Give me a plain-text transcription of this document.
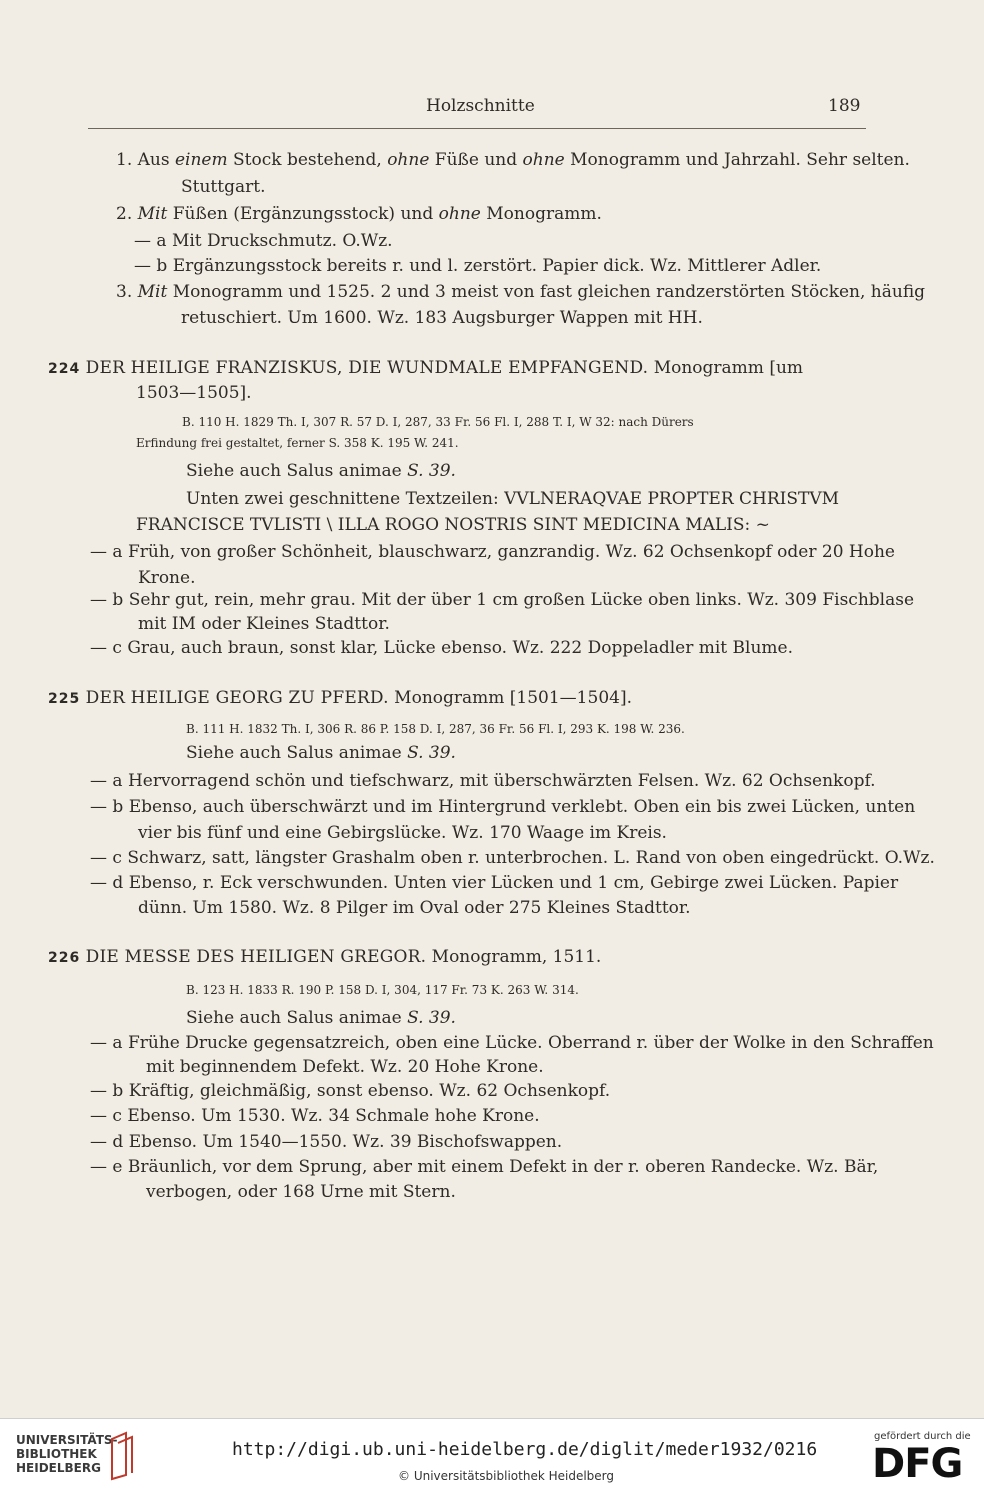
Holzschnitte	189
1. Aus einem Stock bestehend, ohne Füße und ohne Monogramm und Jahrzahl. Sehr selten.
Stuttgart.
2. Mit Füßen (Ergänzungsstock) und ohne Monogramm.
— a Mit Druckschmutz. O.Wz.
— b Ergänzungsstock bereits r. und l. zerstört. Papier dick. Wz. Mittlerer Adler.
3. Mit Monogramm und 1525. 2 und 3 meist von fast gleichen randzerstörten Stöcken, häufig
retuschiert. Um 1600. Wz. 183 Augsburger Wappen mit HH.
224 DER HEILIGE FRANZISKUS, DIE WUNDMALE EMPFANGEND. Monogramm [um
1503—1505].
B. 110 H. 1829 Th. I, 307 R. 57 D. I, 287, 33 Fr. 56 Fl. I, 288 T. I, W 32: nach Dürers
Erfindung frei gestaltet, ferner S. 358 K. 195 W. 241.
Siehe auch Salus animae S. 39.
Unten zwei geschnittene Textzeilen: VVLNERAQVAE PROPTER CHRISTVM
FRANCISCE TVLISTI \ ILLA ROGO NOSTRIS SINT MEDICINA MALIS: ~
— a Früh, von großer Schönheit, blauschwarz, ganzrandig. Wz. 62 Ochsenkopf oder 20 Hohe
Krone.
— b Sehr gut, rein, mehr grau. Mit der über 1 cm großen Lücke oben links. Wz. 309 Fischblase
mit IM oder Kleines Stadttor.
— c Grau, auch braun, sonst klar, Lücke ebenso. Wz. 222 Doppeladler mit Blume.
225 DER HEILIGE GEORG ZU PFERD. Monogramm [1501—1504].
B. 111 H. 1832 Th. I, 306 R. 86 P. 158 D. I, 287, 36 Fr. 56 Fl. I, 293 K. 198 W. 236.
Siehe auch Salus animae S. 39.
— a Hervorragend schön und tiefschwarz, mit überschwärzten Felsen. Wz. 62 Ochsenkopf.
— b Ebenso, auch überschwärzt und im Hintergrund verklebt. Oben ein bis zwei Lücken, unten
vier bis fünf und eine Gebirgslücke. Wz. 170 Waage im Kreis.
— c Schwarz, satt, längster Grashalm oben r. unterbrochen. L. Rand von oben eingedrückt. O.Wz.
— d Ebenso, r. Eck verschwunden. Unten vier Lücken und 1 cm, Gebirge zwei Lücken. Papier
dünn. Um 1580. Wz. 8 Pilger im Oval oder 275 Kleines Stadttor.
226 DIE MESSE DES HEILIGEN GREGOR. Monogramm, 1511.
B. 123 H. 1833 R. 190 P. 158 D. I, 304, 117 Fr. 73 K. 263 W. 314.
Siehe auch Salus animae S. 39.
— a Frühe Drucke gegensatzreich, oben eine Lücke. Oberrand r. über der Wolke in den Schraffen
mit beginnendem Defekt. Wz. 20 Hohe Krone.
— b Kräftig, gleichmäßig, sonst ebenso. Wz. 62 Ochsenkopf.
— c Ebenso. Um 1530. Wz. 34 Schmale hohe Krone.
— d Ebenso. Um 1540—1550. Wz. 39 Bischofswappen.
— e Bräunlich, vor dem Sprung, aber mit einem Defekt in der r. oberen Randecke. Wz. Bär,
verbogen, oder 168 Urne mit Stern.
UNIVERSITÄTS-
BIBLIOTHEK
HEIDELBERG
http://digi.ub.uni-heidelberg.de/diglit/meder1932/0216
© Universitätsbibliothek Heidelberg
gefördert durch die
DFG
